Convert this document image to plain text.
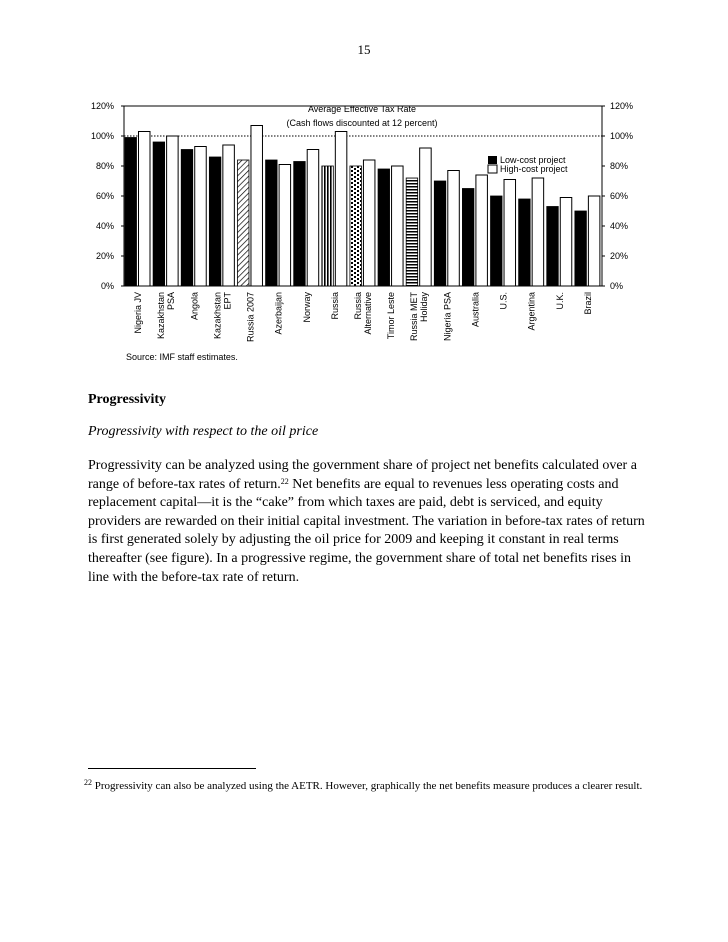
15
Average Effective Tax Rate
(Cash flows discounted at 12 percent)
0%
20%
40%
60%
80%
100%
120%
0%
20%
40%
60%
80%
100%
120%
Nigeria JV Kazakhstan PSA Angola Kazakhstan EPT Russia 2007 Azerbaijan Norway Russia Russia Alternative Timor Leste Russia MET Holiday Nigeria PSA Australia U.S. Argentina U.K. Brazil
Low-cost project
High-cost project
Source: IMF staff estimates.
Progressivity
Progressivity with respect to the oil price
Progressivity can be analyzed using the government share of project net benefits calculated over a range of before-tax rates of return.$^{22}$ Net benefits are equal to revenues less operating costs and replacement capital—it is the “cake” from which taxes are paid, debt is serviced, and equity providers are rewarded on their initial capital investment. The variation in before-tax rates of return is first generated solely by adjusting the oil price for 2009 and keeping it constant in real terms thereafter (see figure). In a progressive regime, the government share of total net benefits rises in line with the before-tax rate of return.
$^{22}$ Progressivity can also be analyzed using the AETR. However, graphically the net benefits measure produces a clearer result.
